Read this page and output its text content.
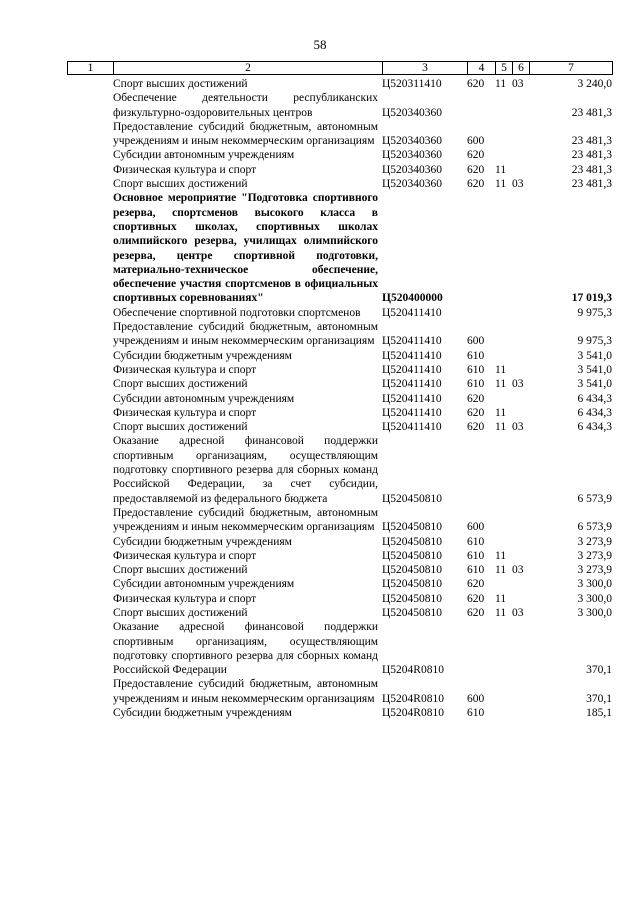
58
1	2	3	4	5	6	7
	Спорт высших достижений	Ц520311410	620	11	03	3 240,0
	Обеспечение деятельности республиканских физкультурно-оздоровительных центров	Ц520340360				23 481,3
	Предоставление субсидий бюджетным, автономным учреждениям и иным некоммерческим организациям	Ц520340360	600			23 481,3
	Субсидии автономным учреждениям	Ц520340360	620			23 481,3
	Физическая культура и спорт	Ц520340360	620	11		23 481,3
	Спорт высших достижений	Ц520340360	620	11	03	23 481,3
	Основное мероприятие "Подготовка спортивного резерва, спортсменов высокого класса в спортивных школах, спортивных школах олимпийского резерва, училищах олимпийского резерва, центре спортивной подготовки, материально-техническое обеспечение, обеспечение участия спортсменов в официальных спортивных соревнованиях"	Ц520400000				17 019,3
	Обеспечение спортивной подготовки спортсменов	Ц520411410				9 975,3
	Предоставление субсидий бюджетным, автономным учреждениям и иным некоммерческим организациям	Ц520411410	600			9 975,3
	Субсидии бюджетным учреждениям	Ц520411410	610			3 541,0
	Физическая культура и спорт	Ц520411410	610	11		3 541,0
	Спорт высших достижений	Ц520411410	610	11	03	3 541,0
	Субсидии автономным учреждениям	Ц520411410	620			6 434,3
	Физическая культура и спорт	Ц520411410	620	11		6 434,3
	Спорт высших достижений	Ц520411410	620	11	03	6 434,3
	Оказание адресной финансовой поддержки спортивным организациям, осуществляющим подготовку спортивного резерва для сборных команд Российской Федерации, за счет субсидии, предоставляемой из федерального бюджета	Ц520450810				6 573,9
	Предоставление субсидий бюджетным, автономным учреждениям и иным некоммерческим организациям	Ц520450810	600			6 573,9
	Субсидии бюджетным учреждениям	Ц520450810	610			3 273,9
	Физическая культура и спорт	Ц520450810	610	11		3 273,9
	Спорт высших достижений	Ц520450810	610	11	03	3 273,9
	Субсидии автономным учреждениям	Ц520450810	620			3 300,0
	Физическая культура и спорт	Ц520450810	620	11		3 300,0
	Спорт высших достижений	Ц520450810	620	11	03	3 300,0
	Оказание адресной финансовой поддержки спортивным организациям, осуществляющим подготовку спортивного резерва для сборных команд Российской Федерации	Ц5204R0810				370,1
	Предоставление субсидий бюджетным, автономным учреждениям и иным некоммерческим организациям	Ц5204R0810	600			370,1
	Субсидии бюджетным учреждениям	Ц5204R0810	610			185,1
